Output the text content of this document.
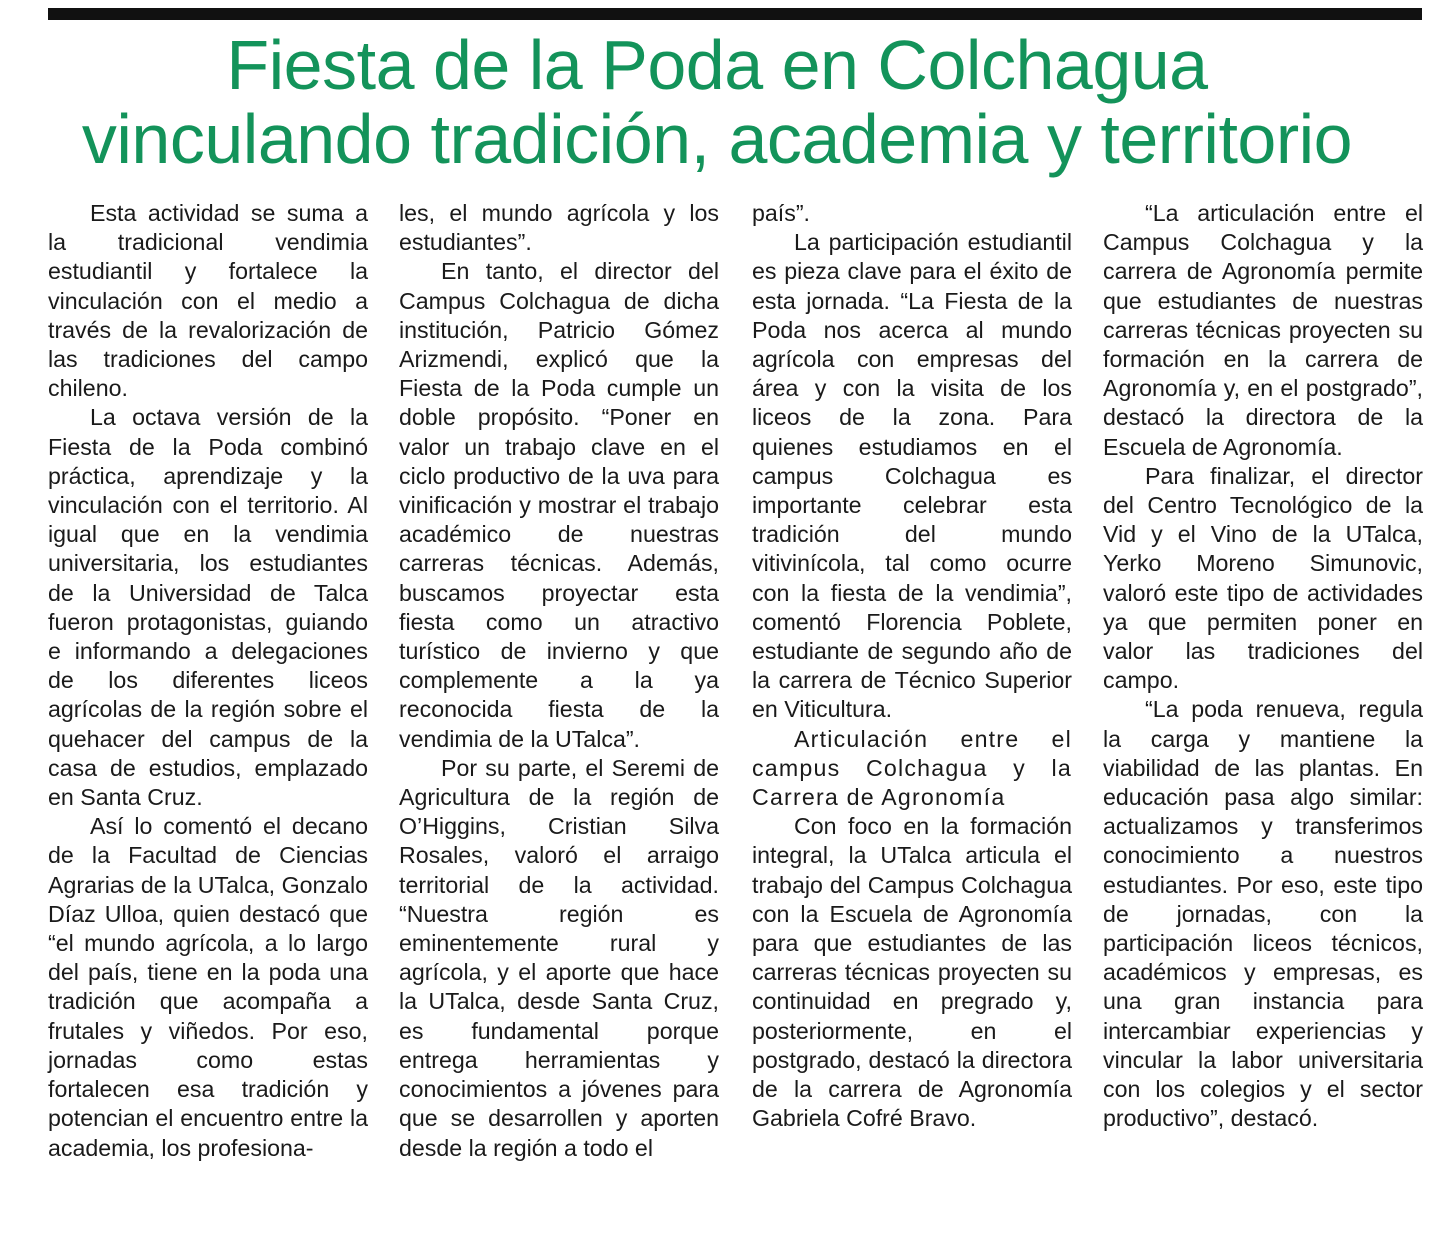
Fiesta de la Poda en Colchagua
vinculando tradición, academia y territorio

Esta actividad se suma a la tradicional vendimia estudiantil y fortalece la vinculación con el medio a través de la revalorización de las tradiciones del campo chileno.

La octava versión de la Fiesta de la Poda combinó práctica, aprendizaje y la vinculación con el territorio. Al igual que en la vendimia universitaria, los estudiantes de la Universidad de Talca fueron protagonistas, guiando e informando a delegaciones de los diferentes liceos agrícolas de la región sobre el quehacer del campus de la casa de estudios, emplazado en Santa Cruz.

Así lo comentó el decano de la Facultad de Ciencias Agrarias de la UTalca, Gonzalo Díaz Ulloa, quien destacó que “el mundo agrícola, a lo largo del país, tiene en la poda una tradición que acompaña a frutales y viñedos. Por eso, jornadas como estas fortalecen esa tradición y potencian el encuentro entre la academia, los profesiona-

les, el mundo agrícola y los estudiantes”.

En tanto, el director del Campus Colchagua de dicha institución, Patricio Gómez Arizmendi, explicó que la Fiesta de la Poda cumple un doble propósito. “Poner en valor un trabajo clave en el ciclo productivo de la uva para vinificación y mostrar el trabajo académico de nuestras carreras técnicas. Además, buscamos proyectar esta fiesta como un atractivo turístico de invierno y que complemente a la ya reconocida fiesta de la vendimia de la UTalca”.

Por su parte, el Seremi de Agricultura de la región de O’Higgins, Cristian Silva Rosales, valoró el arraigo territorial de la actividad. “Nuestra región es eminentemente rural y agrícola, y el aporte que hace la UTalca, desde Santa Cruz, es fundamental porque entrega herramientas y conocimientos a jóvenes para que se desarrollen y aporten desde la región a todo el

país”.

La participación estudiantil es pieza clave para el éxito de esta jornada. “La Fiesta de la Poda nos acerca al mundo agrícola con empresas del área y con la visita de los liceos de la zona. Para quienes estudiamos en el campus Colchagua es importante celebrar esta tradición del mundo vitivinícola, tal como ocurre con la fiesta de la vendimia”, comentó Florencia Poblete, estudiante de segundo año de la carrera de Técnico Superior en Viticultura.

Articulación entre el campus Colchagua y la Carrera de Agronomía

Con foco en la formación integral, la UTalca articula el trabajo del Campus Colchagua con la Escuela de Agronomía para que estudiantes de las carreras técnicas proyecten su continuidad en pregrado y, posteriormente, en el postgrado, destacó la directora de la carrera de Agronomía Gabriela Cofré Bravo.

“La articulación entre el Campus Colchagua y la carrera de Agronomía permite que estudiantes de nuestras carreras técnicas proyecten su formación en la carrera de Agronomía y, en el postgrado”, destacó la directora de la Escuela de Agronomía.

Para finalizar, el director del Centro Tecnológico de la Vid y el Vino de la UTalca, Yerko Moreno Simunovic, valoró este tipo de actividades ya que permiten poner en valor las tradiciones del campo.

“La poda renueva, regula la carga y mantiene la viabilidad de las plantas. En educación pasa algo similar: actualizamos y transferimos conocimiento a nuestros estudiantes. Por eso, este tipo de jornadas, con la participación liceos técnicos, académicos y empresas, es una gran instancia para intercambiar experiencias y vincular la labor universitaria con los colegios y el sector productivo”, destacó.
